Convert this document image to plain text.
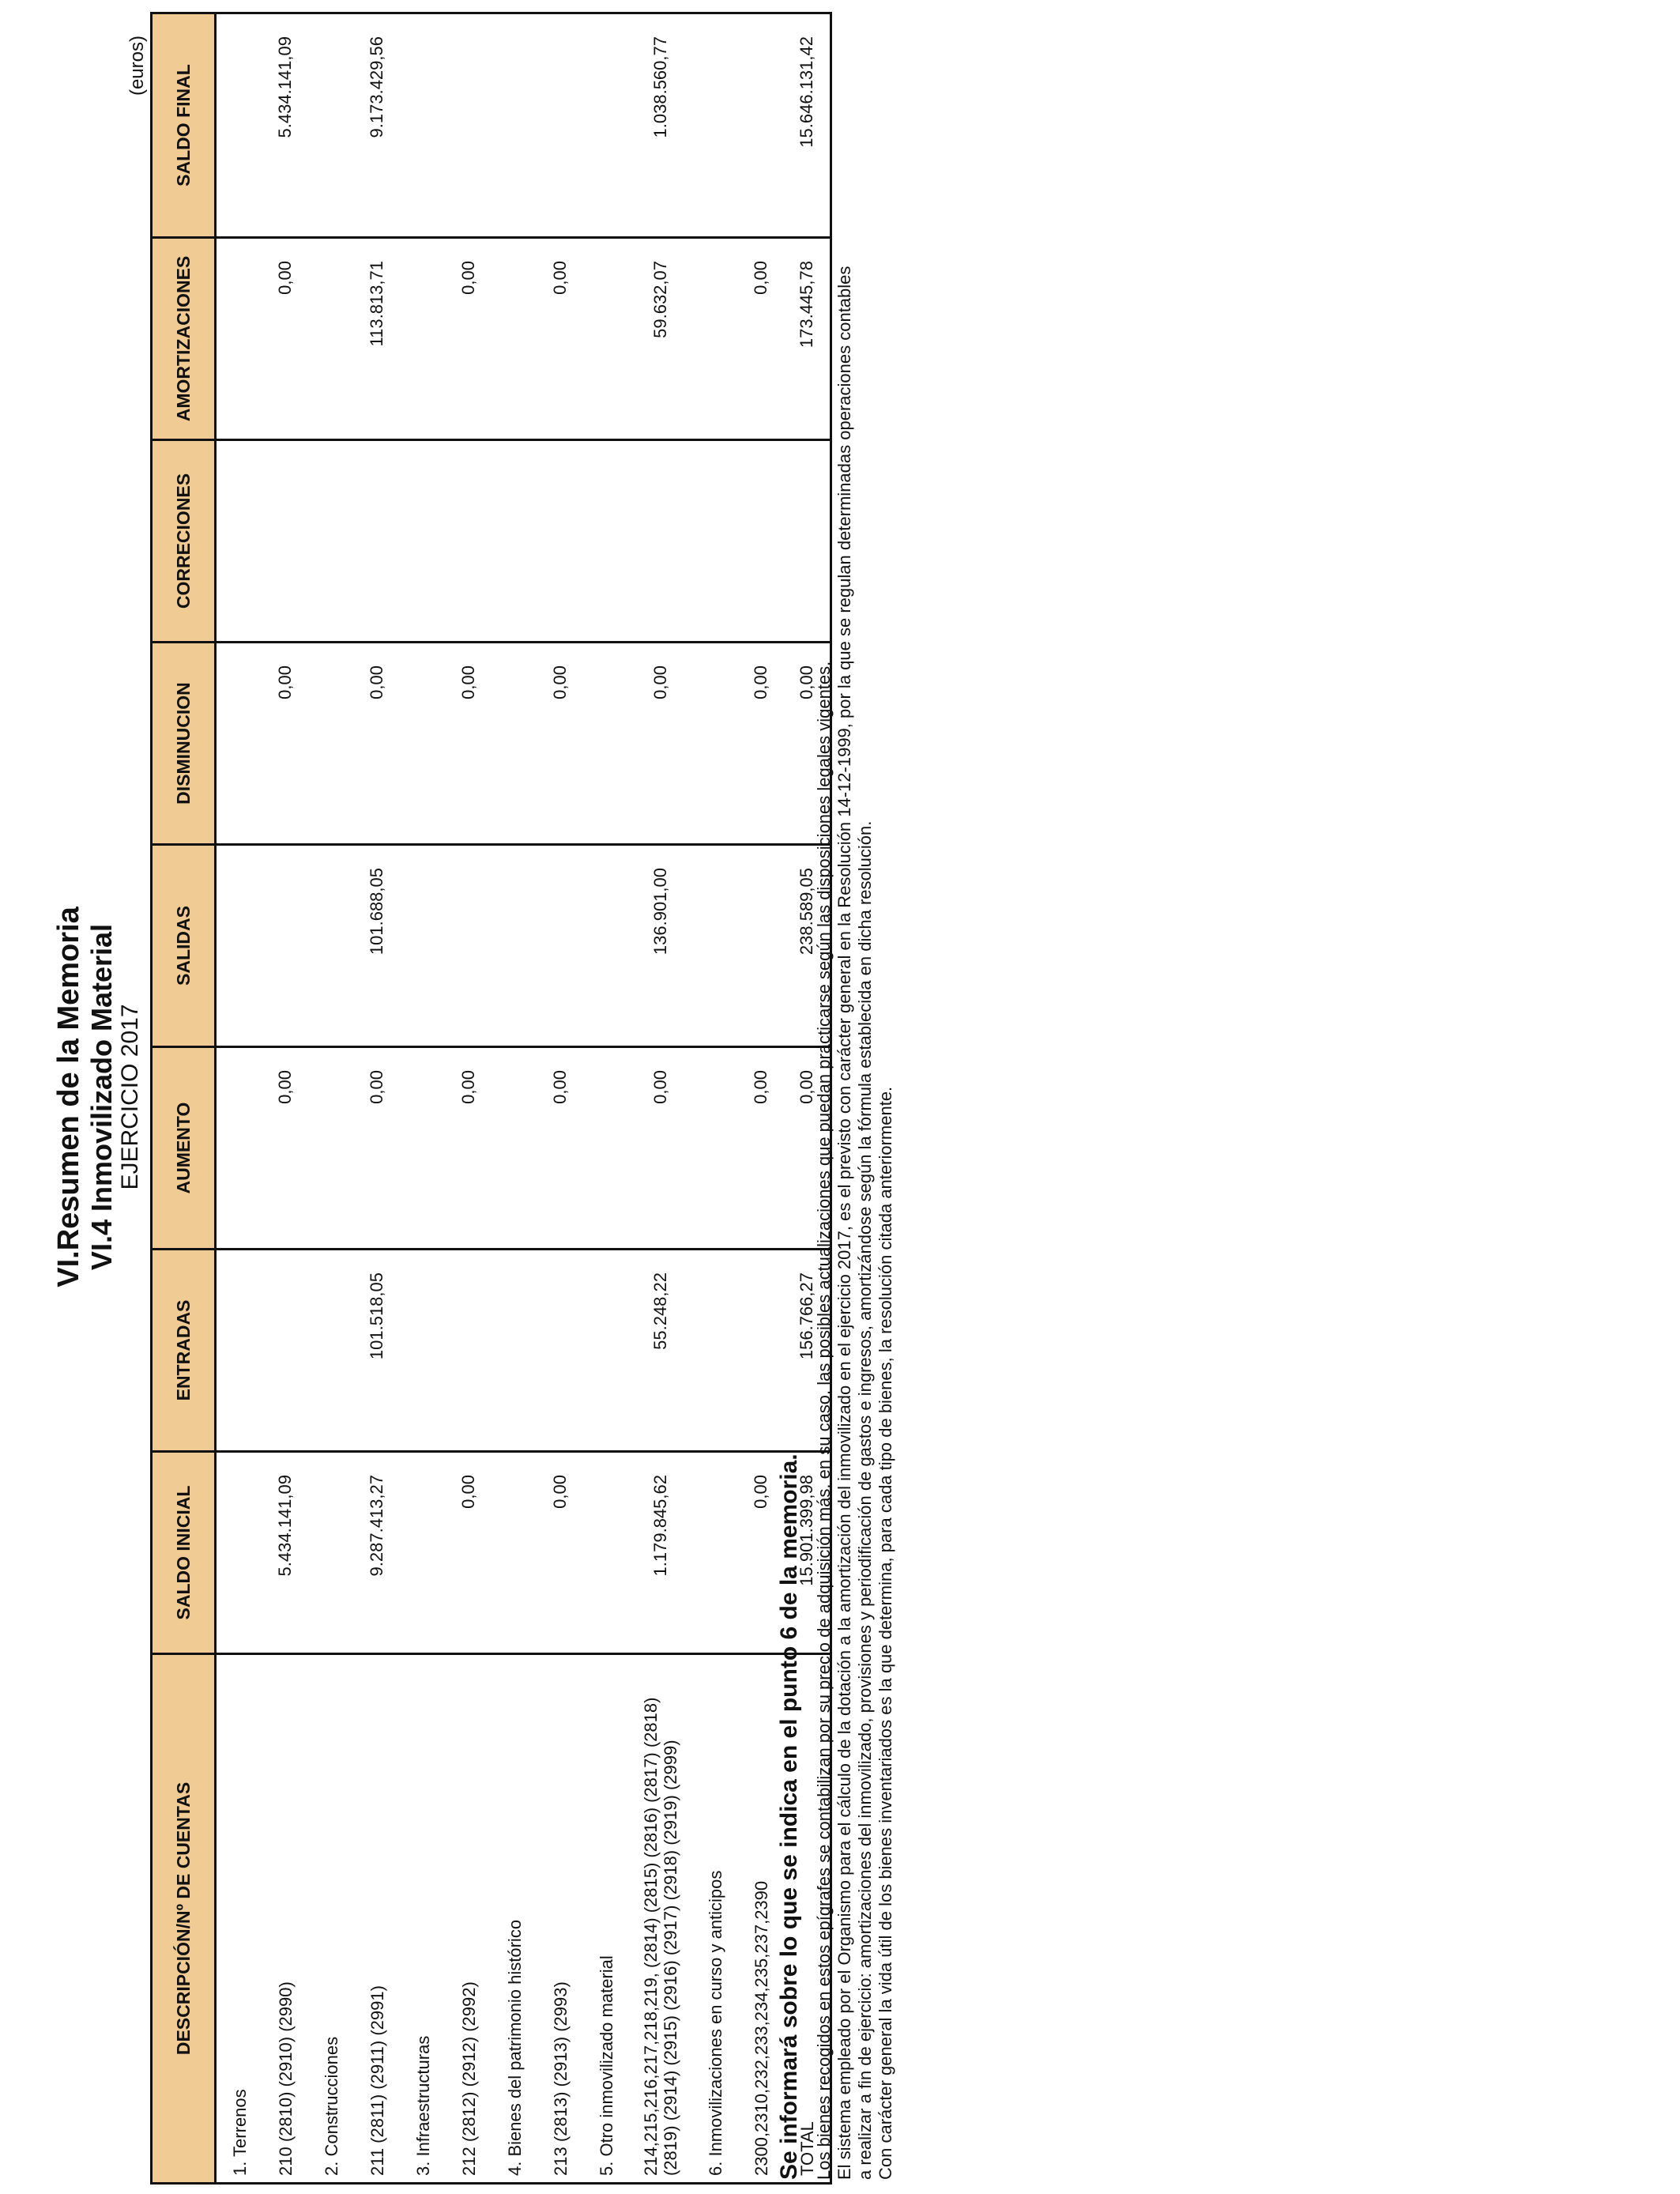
VI.Resumen de la Memoria VI.4 Inmovilizado Material EJERCICIO 2017
(euros)
DESCRIPCIÓN/Nº DE CUENTAS	SALDO INICIAL	ENTRADAS	AUMENTO	SALIDAS	DISMINUCION	CORRECIONES	AMORTIZACIONES	SALDO FINAL
1. Terrenos								
210 (2810) (2910) (2990)	5.434.141,09		0,00		0,00		0,00	5.434.141,09
2. Construcciones								
211 (2811) (2911) (2991)	9.287.413,27	101.518,05	0,00	101.688,05	0,00		113.813,71	9.173.429,56
3. Infraestructuras								
212 (2812) (2912) (2992)	0,00		0,00		0,00		0,00	
4. Bienes del patrimonio histórico								
213 (2813) (2913) (2993)	0,00		0,00		0,00		0,00	
5. Otro inmovilizado material								
214,215,216,217,218,219, (2814) (2815) (2816) (2817) (2818) (2819) (2914) (2915) (2916) (2917) (2918) (2919) (2999)	1.179.845,62	55.248,22	0,00	136.901,00	0,00		59.632,07	1.038.560,77
6. Inmovilizaciones en curso y anticipos								
2300,2310,232,233,234,235,237,2390	0,00		0,00		0,00		0,00	
TOTAL	15.901.399,98	156.766,27	0,00	238.589,05	0,00		173.445,78	15.646.131,42
Se informará sobre lo que se indica en el punto 6 de la memoria. Los bienes recogidos en estos epígrafes se contabilizan por su precio de adquisición más, en su caso, las posibles actualizaciones que puedan practicarse según las disposiciones legales vigentes. El sistema empleado por el Organismo para el cálculo de la dotación a la amortización del inmovilizado en el ejercicio 2017, es el previsto con carácter general en la Resolución 14-12-1999, por la que se regulan determinadas operaciones contables a realizar a fin de ejercicio: amortizaciones del inmovilizado, provisiones y periodificación de gastos e ingresos, amortizándose según la fórmula establecida en dicha resolución. Con carácter general la vida útil de los bienes inventariados es la que determina, para cada tipo de bienes, la resolución citada anteriormente.
